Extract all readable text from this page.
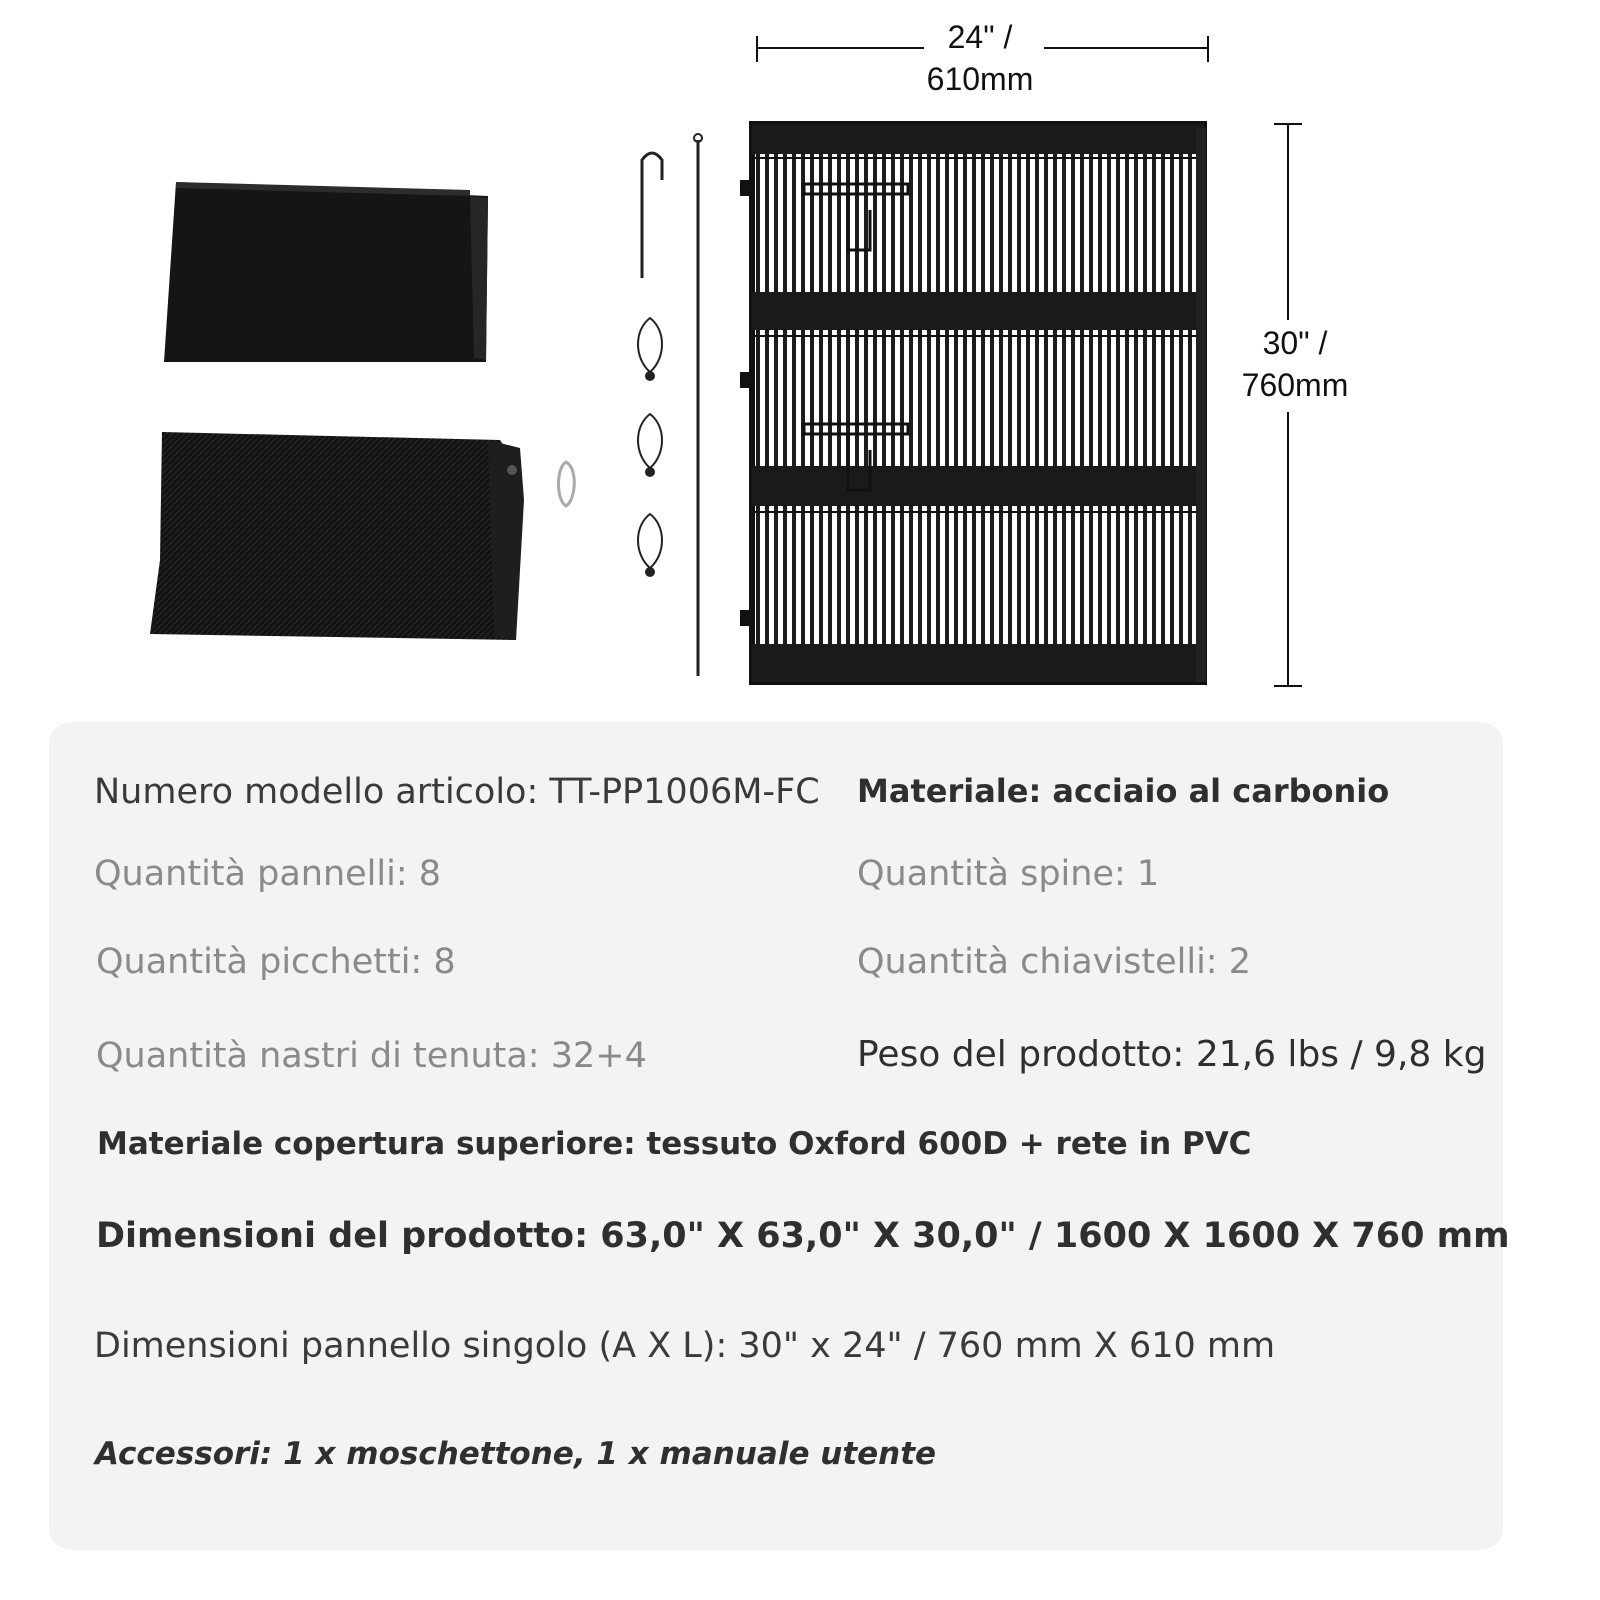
24" /
610mm
30" /
760mm
Numero modello articolo: TT-PP1006M-FC Materiale: acciaio al carbonio
Quantità pannelli: 8	Quantità spine: 1
Quantità picchetti: 8	Quantità chiavistelli: 2
Quantità nastri di tenuta: 32+4	Peso del prodotto: 21,6 lbs / 9,8 kg
Materiale copertura superiore: tessuto Oxford 600D + rete in PVC
Dimensioni del prodotto: 63,0" X 63,0" X 30,0" / 1600 X 1600 X 760 mm
Dimensioni pannello singolo (A X L): 30" x 24" / 760 mm X 610 mm
Accessori: 1 x moschettone, 1 x manuale utente
